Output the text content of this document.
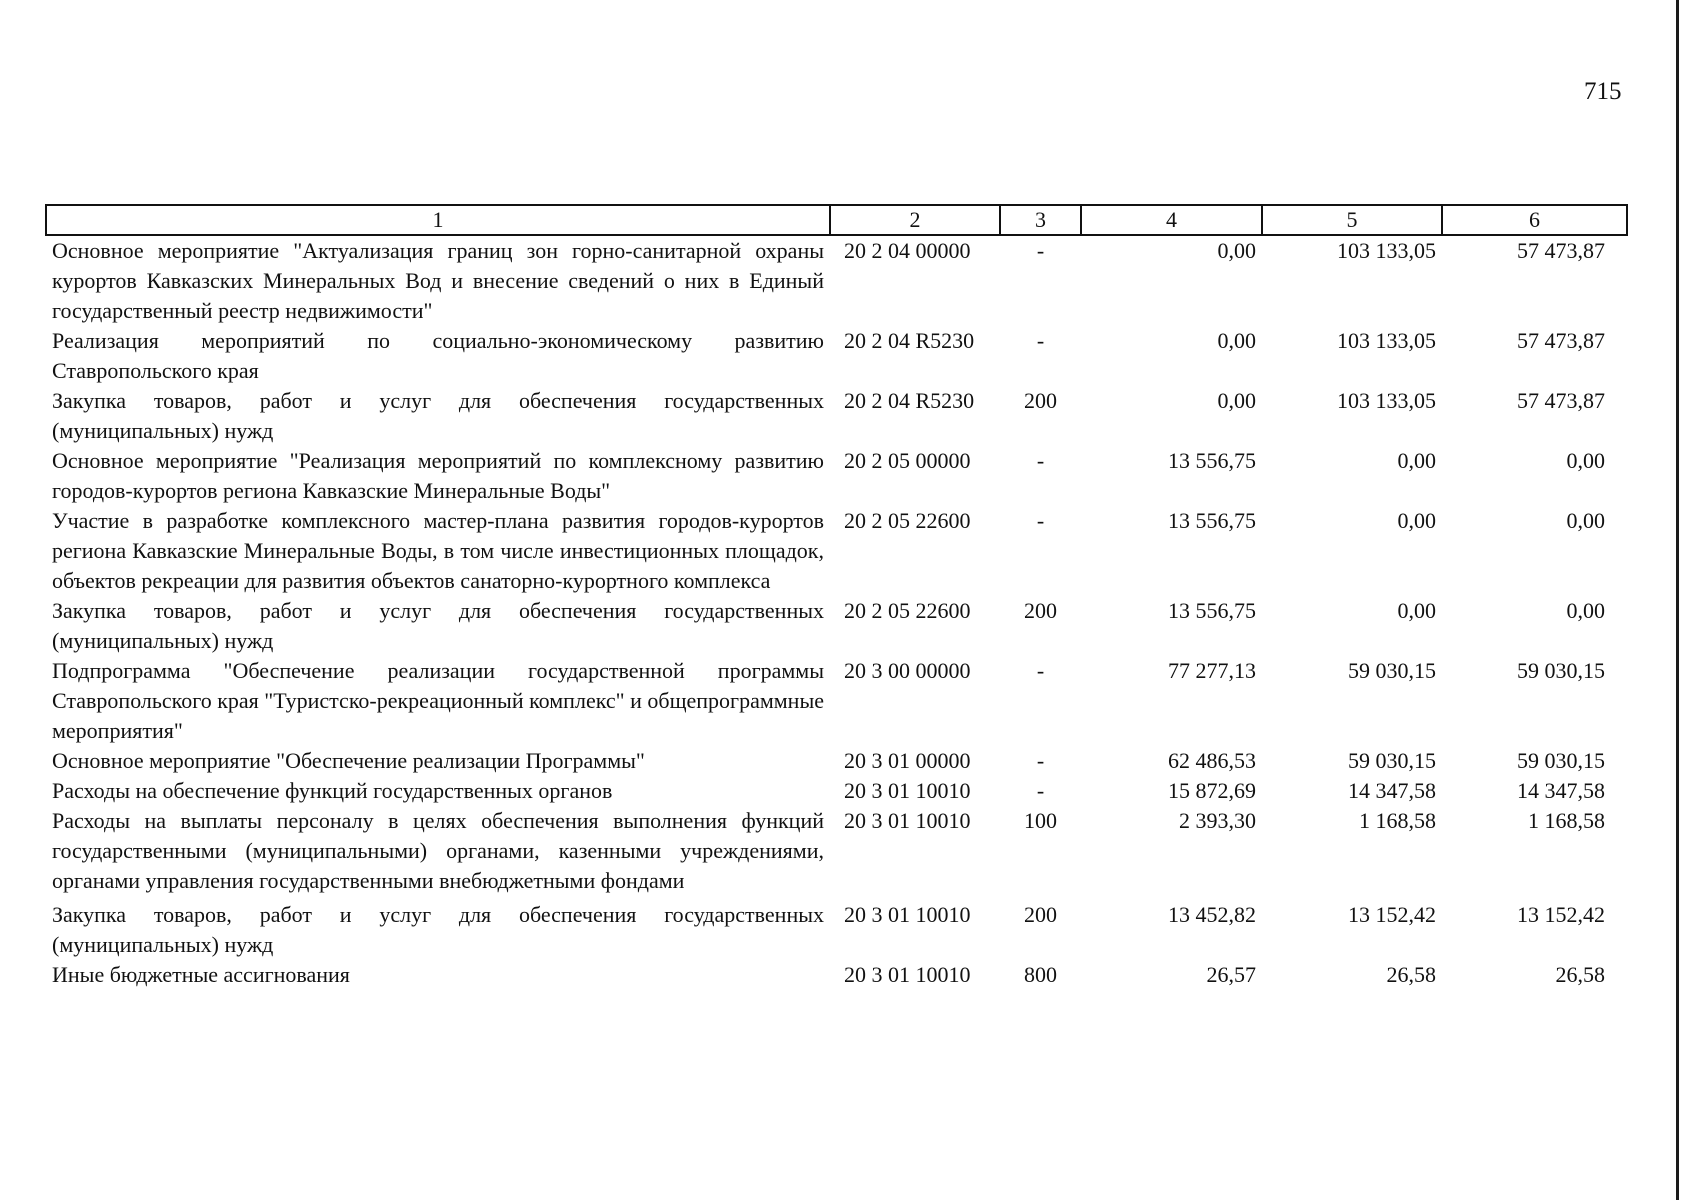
715
1	2	3	4	5	6
Основное мероприятие "Актуализация границ зон горно-санитарной охраны курортов Кавказских Минеральных Вод и внесение сведений о них в Единый государственный реестр недвижимости"	20 2 04 00000	-	0,00	103 133,05	57 473,87
Реализация мероприятий по социально-экономическому развитию Ставропольского края	20 2 04 R5230	-	0,00	103 133,05	57 473,87
Закупка товаров, работ и услуг для обеспечения государственных (муниципальных) нужд	20 2 04 R5230	200	0,00	103 133,05	57 473,87
Основное мероприятие "Реализация мероприятий по комплексному развитию городов-курортов региона Кавказские Минеральные Воды"	20 2 05 00000	-	13 556,75	0,00	0,00
Участие в разработке комплексного мастер-плана развития городов-курортов региона Кавказские Минеральные Воды, в том числе инвестиционных площадок, объектов рекреации для развития объектов санаторно-курортного комплекса	20 2 05 22600	-	13 556,75	0,00	0,00
Закупка товаров, работ и услуг для обеспечения государственных (муниципальных) нужд	20 2 05 22600	200	13 556,75	0,00	0,00
Подпрограмма "Обеспечение реализации государственной программы Ставропольского края "Туристско-рекреационный комплекс" и общепрограммные мероприятия"	20 3 00 00000	-	77 277,13	59 030,15	59 030,15
Основное мероприятие "Обеспечение реализации Программы"	20 3 01 00000	-	62 486,53	59 030,15	59 030,15
Расходы на обеспечение функций государственных органов	20 3 01 10010	-	15 872,69	14 347,58	14 347,58
Расходы на выплаты персоналу в целях обеспечения выполнения функций государственными (муниципальными) органами, казенными учреждениями, органами управления государственными внебюджетными фондами	20 3 01 10010	100	2 393,30	1 168,58	1 168,58
Закупка товаров, работ и услуг для обеспечения государственных (муниципальных) нужд	20 3 01 10010	200	13 452,82	13 152,42	13 152,42
Иные бюджетные ассигнования	20 3 01 10010	800	26,57	26,58	26,58
